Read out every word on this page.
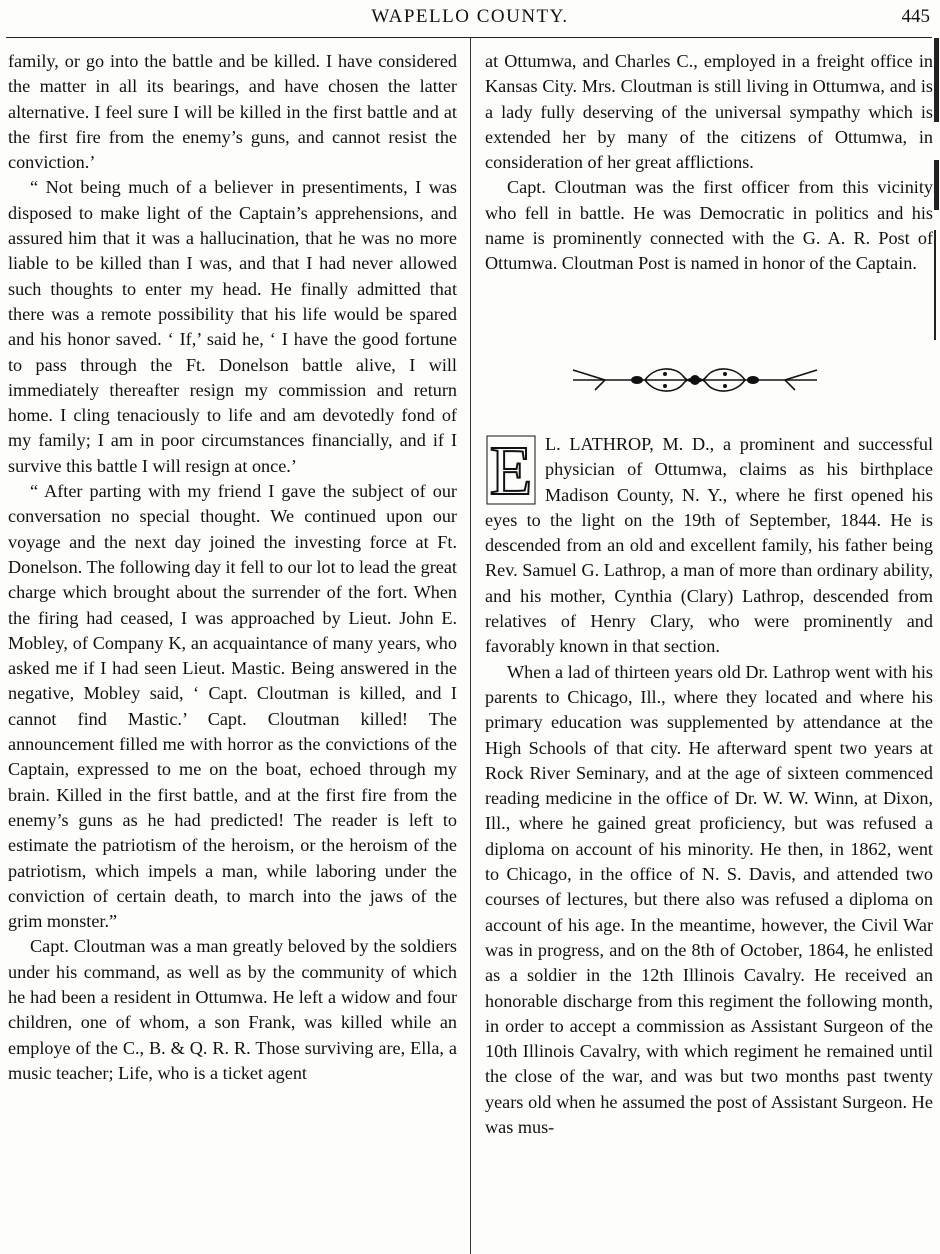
WAPELLO COUNTY.	445

family, or go into the battle and be killed. I have considered the matter in all its bearings, and have chosen the latter alternative. I feel sure I will be killed in the first battle and at the first fire from the enemy’s guns, and cannot resist the conviction.’

“ Not being much of a believer in presentiments, I was disposed to make light of the Captain’s apprehensions, and assured him that it was a hallucination, that he was no more liable to be killed than I was, and that I had never allowed such thoughts to enter my head. He finally admitted that there was a remote possibility that his life would be spared and his honor saved. ‘ If,’ said he, ‘ I have the good fortune to pass through the Ft. Donelson battle alive, I will immediately thereafter resign my commission and return home. I cling tenaciously to life and am devotedly fond of my family; I am in poor circumstances financially, and if I survive this battle I will resign at once.’

“ After parting with my friend I gave the subject of our conversation no special thought. We continued upon our voyage and the next day joined the investing force at Ft. Donelson. The following day it fell to our lot to lead the great charge which brought about the surrender of the fort. When the firing had ceased, I was approached by Lieut. John E. Mobley, of Company K, an acquaintance of many years, who asked me if I had seen Lieut. Mastic. Being answered in the negative, Mobley said, ‘ Capt. Cloutman is killed, and I cannot find Mastic.’ Capt. Cloutman killed! The announcement filled me with horror as the convictions of the Captain, expressed to me on the boat, echoed through my brain. Killed in the first battle, and at the first fire from the enemy’s guns as he had predicted! The reader is left to estimate the patriotism of the heroism, or the heroism of the patriotism, which impels a man, while laboring under the conviction of certain death, to march into the jaws of the grim monster.”

Capt. Cloutman was a man greatly beloved by the soldiers under his command, as well as by the community of which he had been a resident in Ottumwa. He left a widow and four children, one of whom, a son Frank, was killed while an employe of the C., B. & Q. R. R. Those surviving are, Ella, a music teacher; Life, who is a ticket agent

at Ottumwa, and Charles C., employed in a freight office in Kansas City. Mrs. Cloutman is still living in Ottumwa, and is a lady fully deserving of the universal sympathy which is extended her by many of the citizens of Ottumwa, in consideration of her great afflictions.

Capt. Cloutman was the first officer from this vicinity who fell in battle. He was Democratic in politics and his name is prominently connected with the G. A. R. Post of Ottumwa. Cloutman Post is named in honor of the Captain.

E L. LATHROP, M. D., a prominent and successful physician of Ottumwa, claims as his birthplace Madison County, N. Y., where he first opened his eyes to the light on the 19th of September, 1844. He is descended from an old and excellent family, his father being Rev. Samuel G. Lathrop, a man of more than ordinary ability, and his mother, Cynthia (Clary) Lathrop, descended from relatives of Henry Clary, who were prominently and favorably known in that section.

When a lad of thirteen years old Dr. Lathrop went with his parents to Chicago, Ill., where they located and where his primary education was supplemented by attendance at the High Schools of that city. He afterward spent two years at Rock River Seminary, and at the age of sixteen commenced reading medicine in the office of Dr. W. W. Winn, at Dixon, Ill., where he gained great proficiency, but was refused a diploma on account of his minority. He then, in 1862, went to Chicago, in the office of N. S. Davis, and attended two courses of lectures, but there also was refused a diploma on account of his age. In the meantime, however, the Civil War was in progress, and on the 8th of October, 1864, he enlisted as a soldier in the 12th Illinois Cavalry. He received an honorable discharge from this regiment the following month, in order to accept a commission as Assistant Surgeon of the 10th Illinois Cavalry, with which regiment he remained until the close of the war, and was but two months past twenty years old when he assumed the post of Assistant Surgeon. He was mus-
